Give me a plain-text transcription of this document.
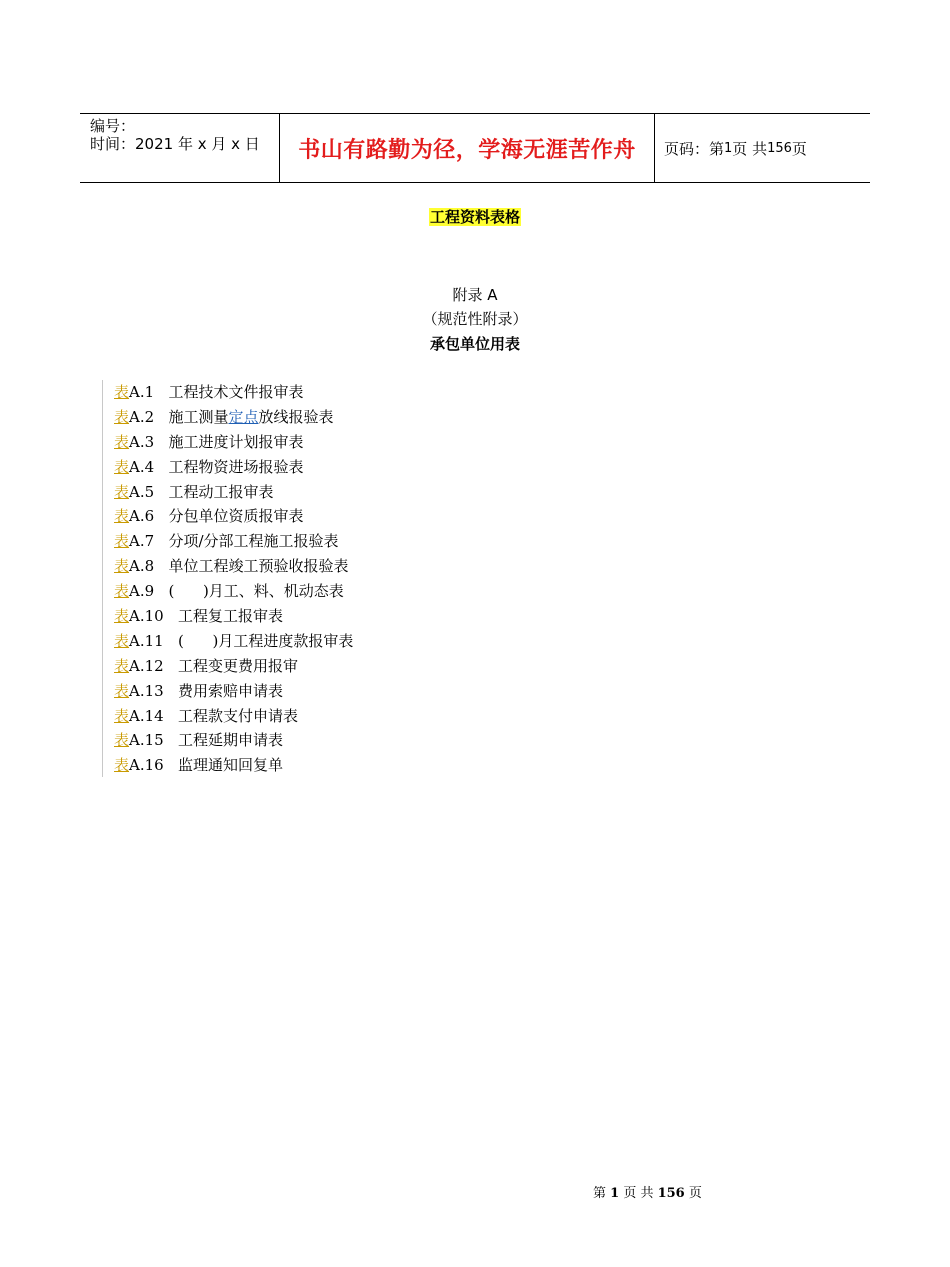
编号：
时间：2021 年 x 月 x 日	书山有路勤为径，学海无涯苦作舟	页码：第 1 页 共 156 页
工程资料表格
附录 A
（规范性附录）
承包单位用表
表A.1 工程技术文件报审表
表A.2 施工测量定点放线报验表
表A.3 施工进度计划报审表
表A.4 工程物资进场报验表
表A.5 工程动工报审表
表A.6 分包单位资质报审表
表A.7 分项/分部工程施工报验表
表A.8 单位工程竣工预验收报验表
表A.9 (      )月工、料、机动态表
表A.10 工程复工报审表
表A.11 (      )月工程进度款报审表
表A.12 工程变更费用报审
表A.13 费用索赔申请表
表A.14 工程款支付申请表
表A.15 工程延期申请表
表A.16 监理通知回复单
第 1 页 共 156 页
